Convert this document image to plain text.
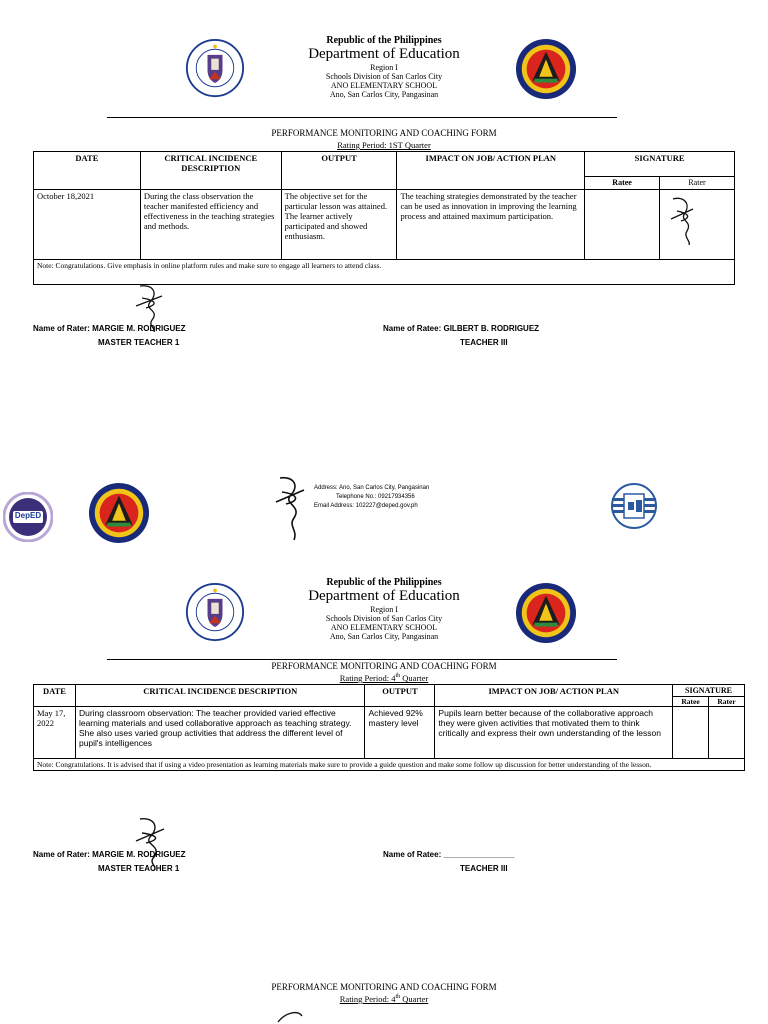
Republic of the Philippines
Department of Education
Region I
Schools Division of San Carlos City
ANO ELEMENTARY SCHOOL
Ano, San Carlos City, Pangasinan
PERFORMANCE MONITORING AND COACHING FORM
Rating Period: 1ST Quarter
DATE	CRITICAL INCIDENCE DESCRIPTION	OUTPUT	IMPACT ON JOB/ ACTION PLAN	SIGNATURE	
				Ratee	Rater
October 18,2021	During the class observation the teacher manifested efficiency and effectiveness in the teaching strategies and methods.	The objective set for the particular lesson was attained. The learner actively participated and showed enthusiasm.	The teaching strategies demonstrated by the teacher can be used as innovation in improving the learning process and attained maximum participation.		

Note: Congratulations. Give emphasis in online platform rules and make sure to engage all learners to attend class.					
Name of Rater: MARGIE M. RODRIGUEZ
MASTER TEACHER 1
Name of Ratee: GILBERT B. RODRIGUEZ
TEACHER III
DepED
Address: Ano, San Carlos City, Pangasinan
Telephone No.: 09217934356
Email Address: 102227@deped.gov.ph
Republic of the Philippines
Department of Education
Region I
Schools Division of San Carlos City
ANO ELEMENTARY SCHOOL
Ano, San Carlos City, Pangasinan
PERFORMANCE MONITORING AND COACHING FORM
Rating Period: 4th Quarter
DATE	CRITICAL INCIDENCE DESCRIPTION	OUTPUT	IMPACT ON JOB/ ACTION PLAN	SIGNATURE	
				Ratee	Rater
May 17, 2022	During classroom observation: The teacher provided varied effective learning materials and used collaborative approach as teaching strategy. She also uses varied group activities that address the different level of pupil's intelligences	Achieved 92% mastery level	Pupils learn better because of the collaborative approach they were given activities that motivated them to think critically and express their own understanding of the lesson		
Note: Congratulations. It is advised that if using a video presentation as learning materials make sure to provide a guide question and make some follow up discussion for better understanding of the lesson.					
Name of Rater: MARGIE M. RODRIGUEZ
MASTER TEACHER 1
Name of Ratee: ________________
TEACHER III
PERFORMANCE MONITORING AND COACHING FORM
Rating Period: 4th Quarter
